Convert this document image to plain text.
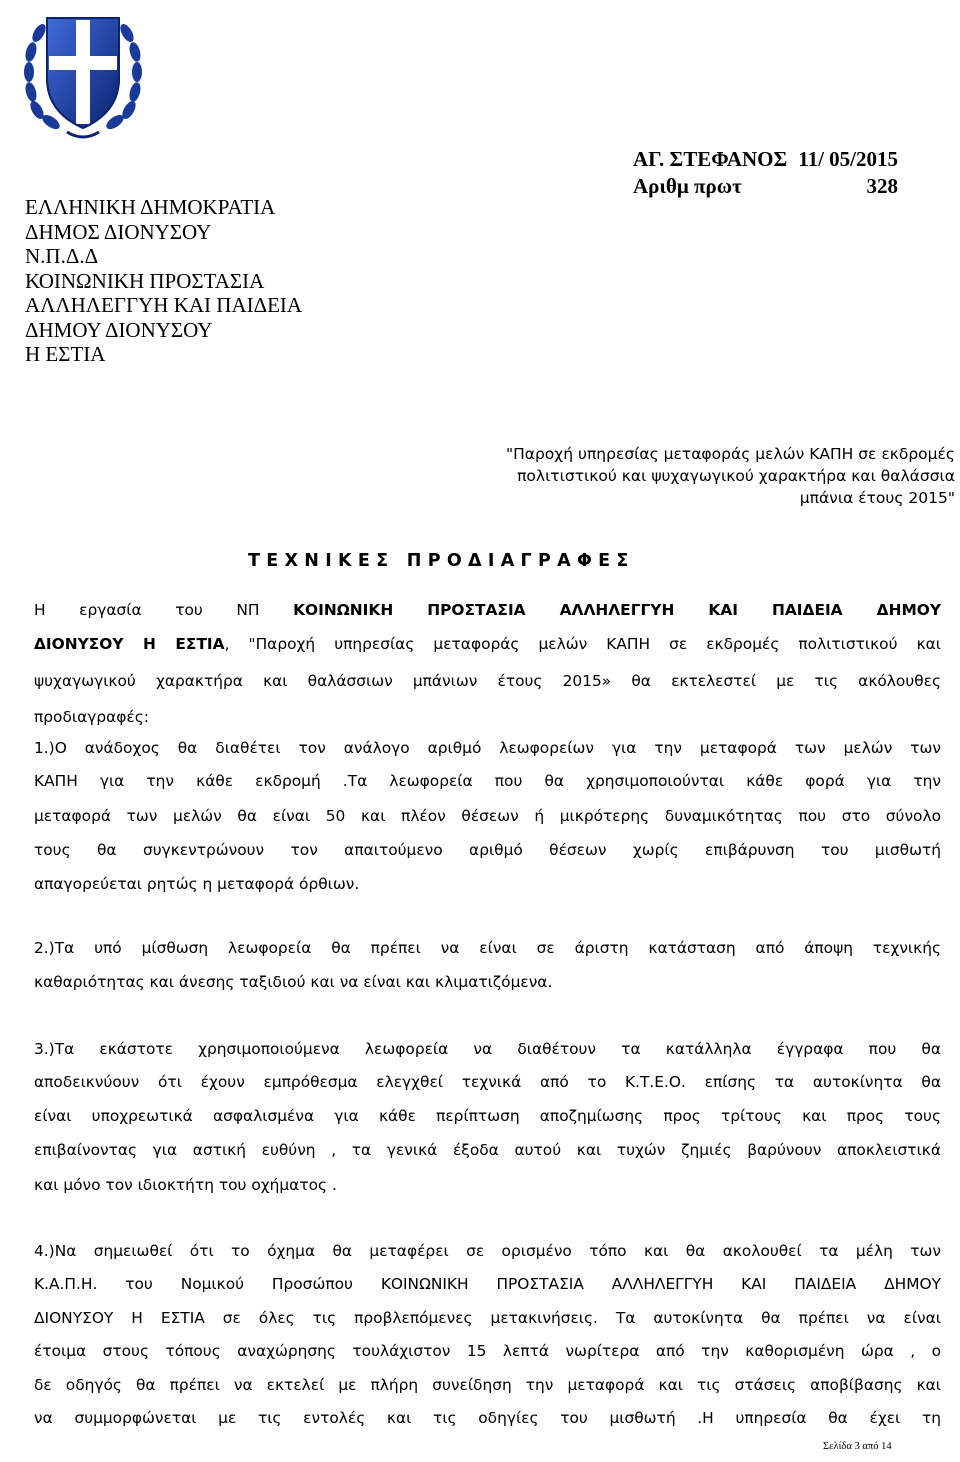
ΕΛΛΗΝΙΚΗ ΔΗΜΟΚΡΑΤΙΑ
ΔΗΜΟΣ ΔΙΟΝΥΣΟΥ
Ν.Π.Δ.Δ
ΚΟΙΝΩΝΙΚΗ ΠΡΟΣΤΑΣΙΑ
ΑΛΛΗΛΕΓΓΥΗ ΚΑΙ ΠΑΙΔΕΙΑ
ΔΗΜΟΥ ΔΙΟΝΥΣΟΥ
Η ΕΣΤΙΑ
ΑΓ. ΣΤΕΦΑΝΟΣ 11/ 05/2015
Αριθμ πρωτ	328
"Παροχή υπηρεσίας μεταφοράς μελών ΚΑΠΗ σε εκδρομές
πολιτιστικού και ψυχαγωγικού χαρακτήρα και θαλάσσια
μπάνια έτους 2015"
ΤΕΧΝΙΚΕΣ ΠΡΟΔΙΑΓΡΑΦΕΣ
Η εργασία του ΝΠ ΚΟΙΝΩΝΙΚΗ ΠΡΟΣΤΑΣΙΑ ΑΛΛΗΛΕΓΓΥΗ ΚΑΙ ΠΑΙΔΕΙΑ ΔΗΜΟΥ
ΔΙΟΝΥΣΟΥ Η ΕΣΤΙΑ, "Παροχή υπηρεσίας μεταφοράς μελών ΚΑΠΗ σε εκδρομές πολιτιστικού και
ψυχαγωγικού χαρακτήρα και θαλάσσιων μπάνιων έτους 2015» θα εκτελεστεί με τις ακόλουθες
προδιαγραφές:
1.)Ο ανάδοχος θα διαθέτει τον ανάλογο αριθμό λεωφορείων για την μεταφορά των μελών των
ΚΑΠΗ για την κάθε εκδρομή .Τα λεωφορεία που θα χρησιμοποιούνται κάθε φορά για την
μεταφορά των μελών θα είναι 50 και πλέον θέσεων ή μικρότερης δυναμικότητας που στο σύνολο
τους θα συγκεντρώνουν τον απαιτούμενο αριθμό θέσεων χωρίς επιβάρυνση του μισθωτή
απαγορεύεται ρητώς η μεταφορά όρθιων.
2.)Τα υπό μίσθωση λεωφορεία θα πρέπει να είναι σε άριστη κατάσταση από άποψη τεχνικής
καθαριότητας και άνεσης ταξιδιού και να είναι και κλιματιζόμενα.
3.)Τα εκάστοτε χρησιμοποιούμενα λεωφορεία να διαθέτουν τα κατάλληλα έγγραφα που θα
αποδεικνύουν ότι έχουν εμπρόθεσμα ελεγχθεί τεχνικά από το Κ.Τ.Ε.Ο. επίσης τα αυτοκίνητα θα
είναι υποχρεωτικά ασφαλισμένα για κάθε περίπτωση αποζημίωσης προς τρίτους και προς τους
επιβαίνοντας για αστική ευθύνη , τα γενικά έξοδα αυτού και τυχών ζημιές βαρύνουν αποκλειστικά
και μόνο τον ιδιοκτήτη του οχήματος .
4.)Να σημειωθεί ότι το όχημα θα μεταφέρει σε ορισμένο τόπο και θα ακολουθεί τα μέλη των
Κ.Α.Π.Η. του Νομικού Προσώπου ΚΟΙΝΩΝΙΚΗ ΠΡΟΣΤΑΣΙΑ ΑΛΛΗΛΕΓΓΥΗ ΚΑΙ ΠΑΙΔΕΙΑ ΔΗΜΟΥ
ΔΙΟΝΥΣΟΥ Η ΕΣΤΙΑ σε όλες τις προβλεπόμενες μετακινήσεις. Τα αυτοκίνητα θα πρέπει να είναι
έτοιμα στους τόπους αναχώρησης τουλάχιστον 15 λεπτά νωρίτερα από την καθορισμένη ώρα , ο
δε οδηγός θα πρέπει να εκτελεί με πλήρη συνείδηση την μεταφορά και τις στάσεις αποβίβασης και
να συμμορφώνεται με τις εντολές και τις οδηγίες του μισθωτή .Η υπηρεσία θα έχει τη
Σελίδα 3 από 14
